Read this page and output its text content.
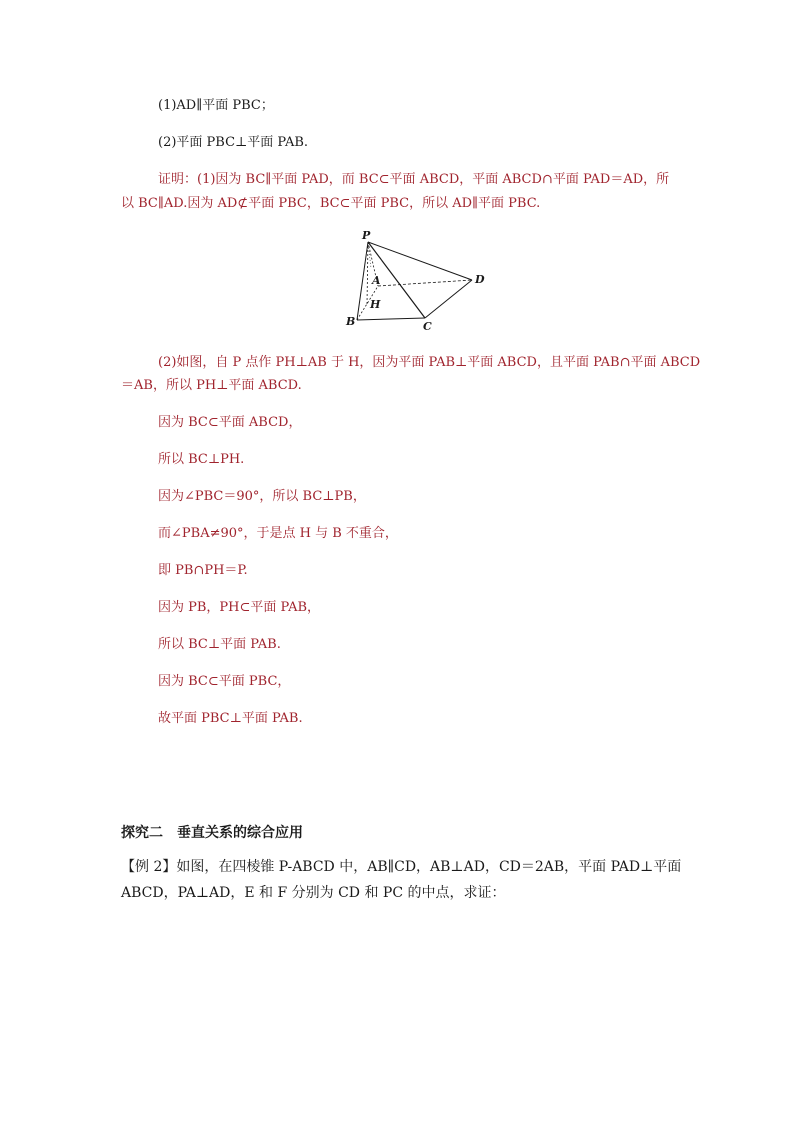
(1)AD∥平面 PBC；
(2)平面 PBC⊥平面 PAB.
证明：(1)因为 BC∥平面 PAD，而 BC⊂平面 ABCD，平面 ABCD∩平面 PAD＝AD，所
以 BC∥AD.因为 AD⊄平面 PBC，BC⊂平面 PBC，所以 AD∥平面 PBC.
P
A	D
H
B	C
(2)如图，自 P 点作 PH⊥AB 于 H，因为平面 PAB⊥平面 ABCD，且平面 PAB∩平面 ABCD
＝AB，所以 PH⊥平面 ABCD.
因为 BC⊂平面 ABCD，
所以 BC⊥PH.
因为∠PBC＝90°，所以 BC⊥PB，
而∠PBA≠90°，于是点 H 与 B 不重合，
即 PB∩PH＝P.
因为 PB，PH⊂平面 PAB，
所以 BC⊥平面 PAB.
因为 BC⊂平面 PBC，
故平面 PBC⊥平面 PAB.
探究二　垂直关系的综合应用
【例 2】如图，在四棱锥 P-ABCD 中，AB∥CD，AB⊥AD，CD＝2AB，平面 PAD⊥平面
ABCD，PA⊥AD，E 和 F 分别为 CD 和 PC 的中点，求证：
